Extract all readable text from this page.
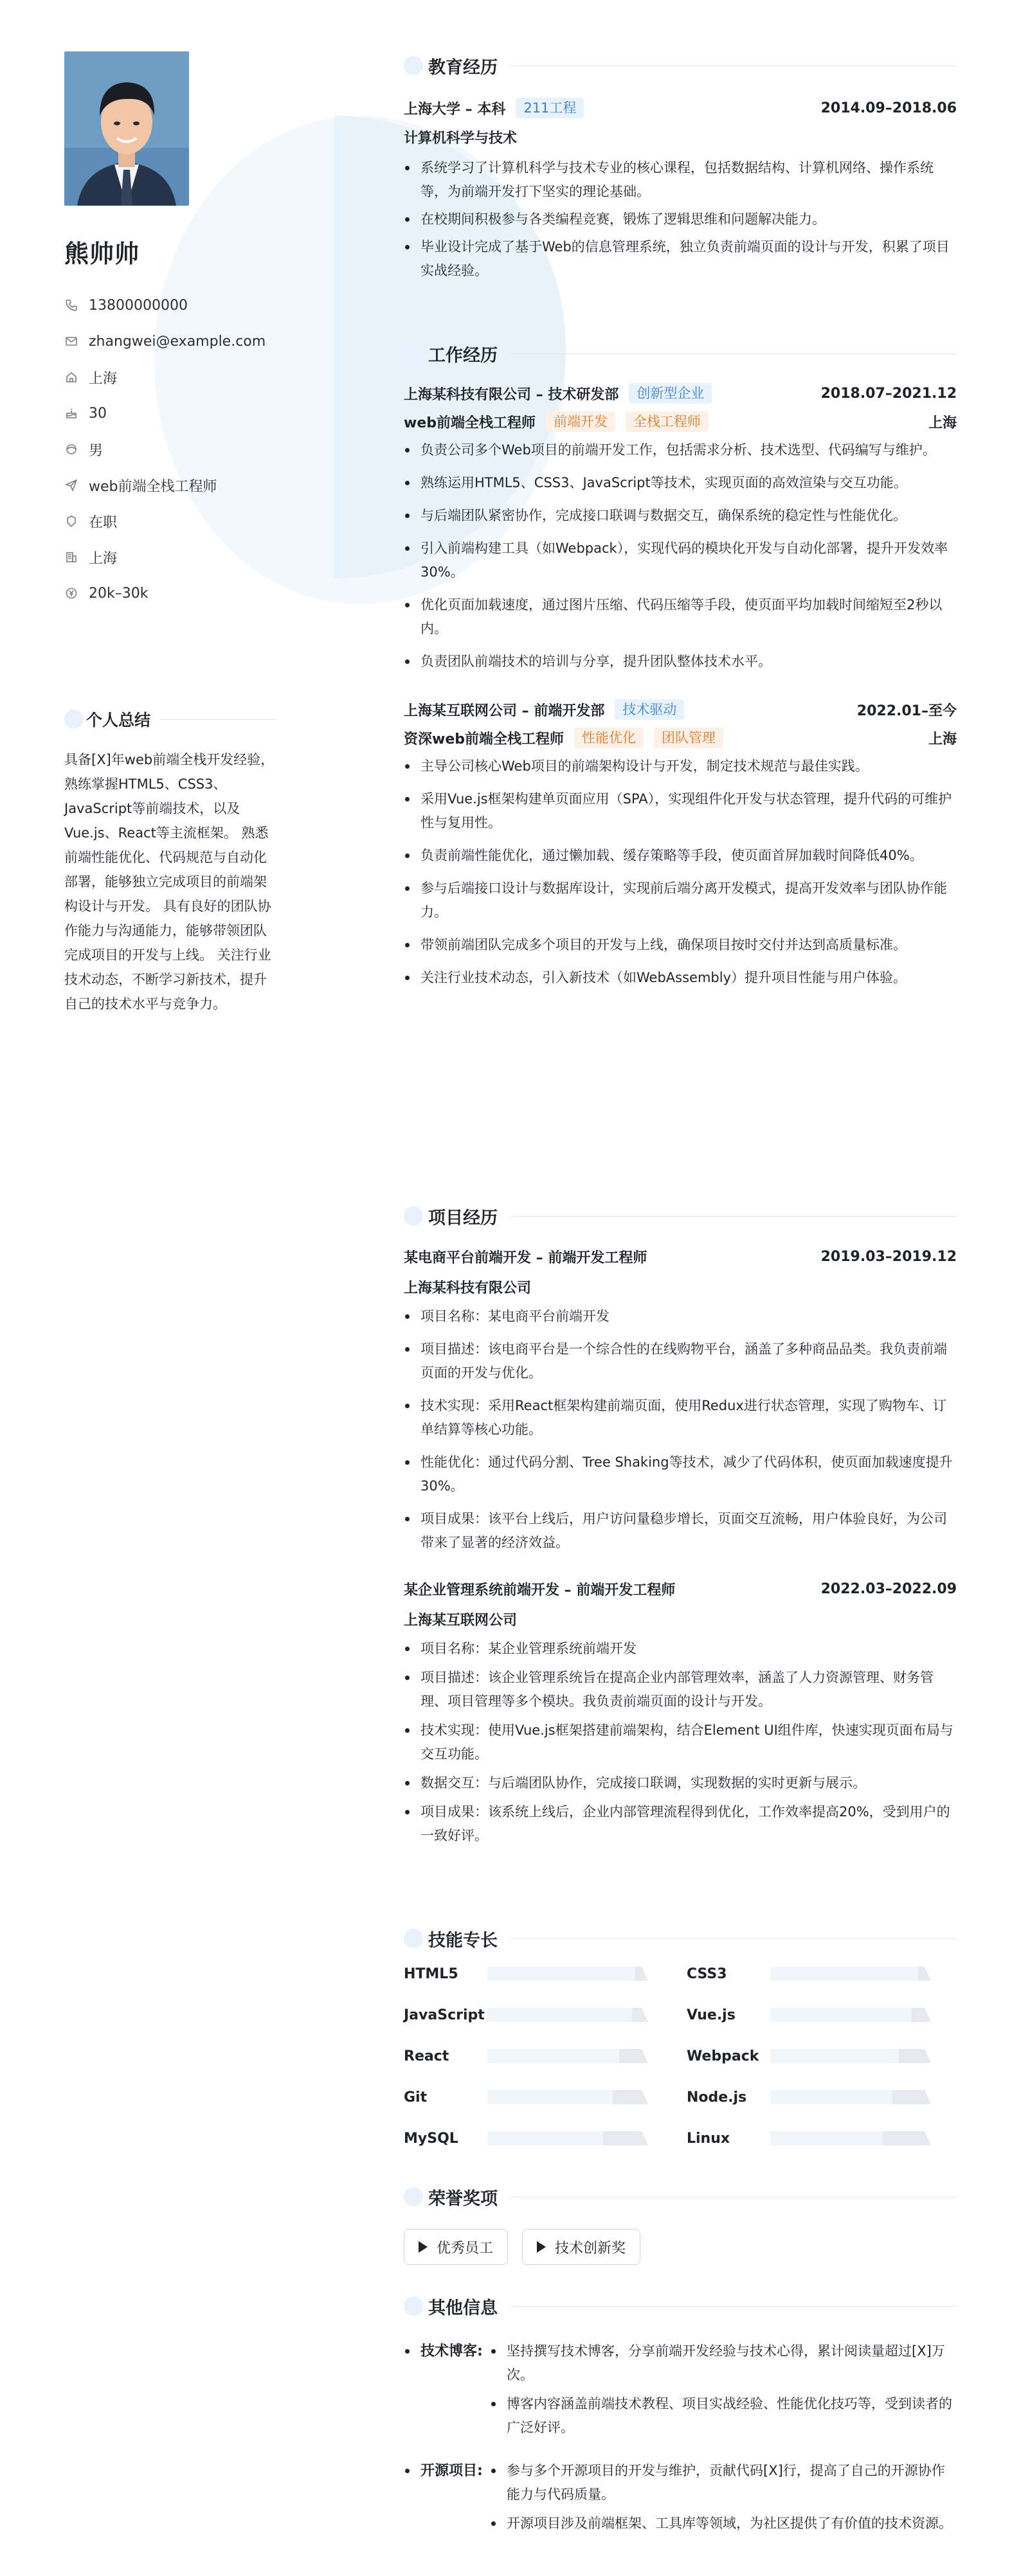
熊帅帅
13800000000
zhangwei@example.com
上海
30
男
web前端全栈工程师
在职
上海
20k–30k
个人总结
具备[X]年web前端全栈开发经验，熟练掌握HTML5、CSS3、JavaScript等前端技术，以及Vue.js、React等主流框架。 熟悉前端性能优化、代码规范与自动化部署，能够独立完成项目的前端架构设计与开发。 具有良好的团队协作能力与沟通能力，能够带领团队完成项目的开发与上线。 关注行业技术动态，不断学习新技术，提升自己的技术水平与竞争力。
教育经历
上海大学 – 本科	211工程	2014.09–2018.06
计算机科学与技术
系统学习了计算机科学与技术专业的核心课程，包括数据结构、计算机网络、操作系统等，为前端开发打下坚实的理论基础。
在校期间积极参与各类编程竞赛，锻炼了逻辑思维和问题解决能力。
毕业设计完成了基于Web的信息管理系统，独立负责前端页面的设计与开发，积累了项目实战经验。
工作经历
上海某科技有限公司 – 技术研发部	创新型企业	2018.07–2021.12
web前端全栈工程师	前端开发	全栈工程师	上海
负责公司多个Web项目的前端开发工作，包括需求分析、技术选型、代码编写与维护。
熟练运用HTML5、CSS3、JavaScript等技术，实现页面的高效渲染与交互功能。
与后端团队紧密协作，完成接口联调与数据交互，确保系统的稳定性与性能优化。
引入前端构建工具（如Webpack），实现代码的模块化开发与自动化部署，提升开发效率30%。
优化页面加载速度，通过图片压缩、代码压缩等手段，使页面平均加载时间缩短至2秒以内。
负责团队前端技术的培训与分享，提升团队整体技术水平。
上海某互联网公司 – 前端开发部	技术驱动	2022.01–至今
资深web前端全栈工程师	性能优化	团队管理	上海
主导公司核心Web项目的前端架构设计与开发，制定技术规范与最佳实践。
采用Vue.js框架构建单页面应用（SPA），实现组件化开发与状态管理，提升代码的可维护性与复用性。
负责前端性能优化，通过懒加载、缓存策略等手段，使页面首屏加载时间降低40%。
参与后端接口设计与数据库设计，实现前后端分离开发模式，提高开发效率与团队协作能力。
带领前端团队完成多个项目的开发与上线，确保项目按时交付并达到高质量标准。
关注行业技术动态，引入新技术（如WebAssembly）提升项目性能与用户体验。
项目经历
某电商平台前端开发 – 前端开发工程师	2019.03–2019.12
上海某科技有限公司
项目名称：某电商平台前端开发
项目描述：该电商平台是一个综合性的在线购物平台，涵盖了多种商品品类。我负责前端页面的开发与优化。
技术实现：采用React框架构建前端页面，使用Redux进行状态管理，实现了购物车、订单结算等核心功能。
性能优化：通过代码分割、Tree Shaking等技术，减少了代码体积，使页面加载速度提升30%。
项目成果：该平台上线后，用户访问量稳步增长，页面交互流畅，用户体验良好，为公司带来了显著的经济效益。
某企业管理系统前端开发 – 前端开发工程师	2022.03–2022.09
上海某互联网公司
项目名称：某企业管理系统前端开发
项目描述：该企业管理系统旨在提高企业内部管理效率，涵盖了人力资源管理、财务管理、项目管理等多个模块。我负责前端页面的设计与开发。
技术实现：使用Vue.js框架搭建前端架构，结合Element UI组件库，快速实现页面布局与交互功能。
数据交互：与后端团队协作，完成接口联调，实现数据的实时更新与展示。
项目成果：该系统上线后，企业内部管理流程得到优化，工作效率提高20%，受到用户的一致好评。
技能专长
HTML5	CSS3
JavaScript	Vue.js
React	Webpack
Git	Node.js
MySQL	Linux
荣誉奖项
优秀员工	技术创新奖
其他信息
技术博客:	坚持撰写技术博客，分享前端开发经验与技术心得，累计阅读量超过[X]万次。
博客内容涵盖前端技术教程、项目实战经验、性能优化技巧等，受到读者的广泛好评。
开源项目:	参与多个开源项目的开发与维护，贡献代码[X]行，提高了自己的开源协作能力与代码质量。
开源项目涉及前端框架、工具库等领域，为社区提供了有价值的技术资源。
